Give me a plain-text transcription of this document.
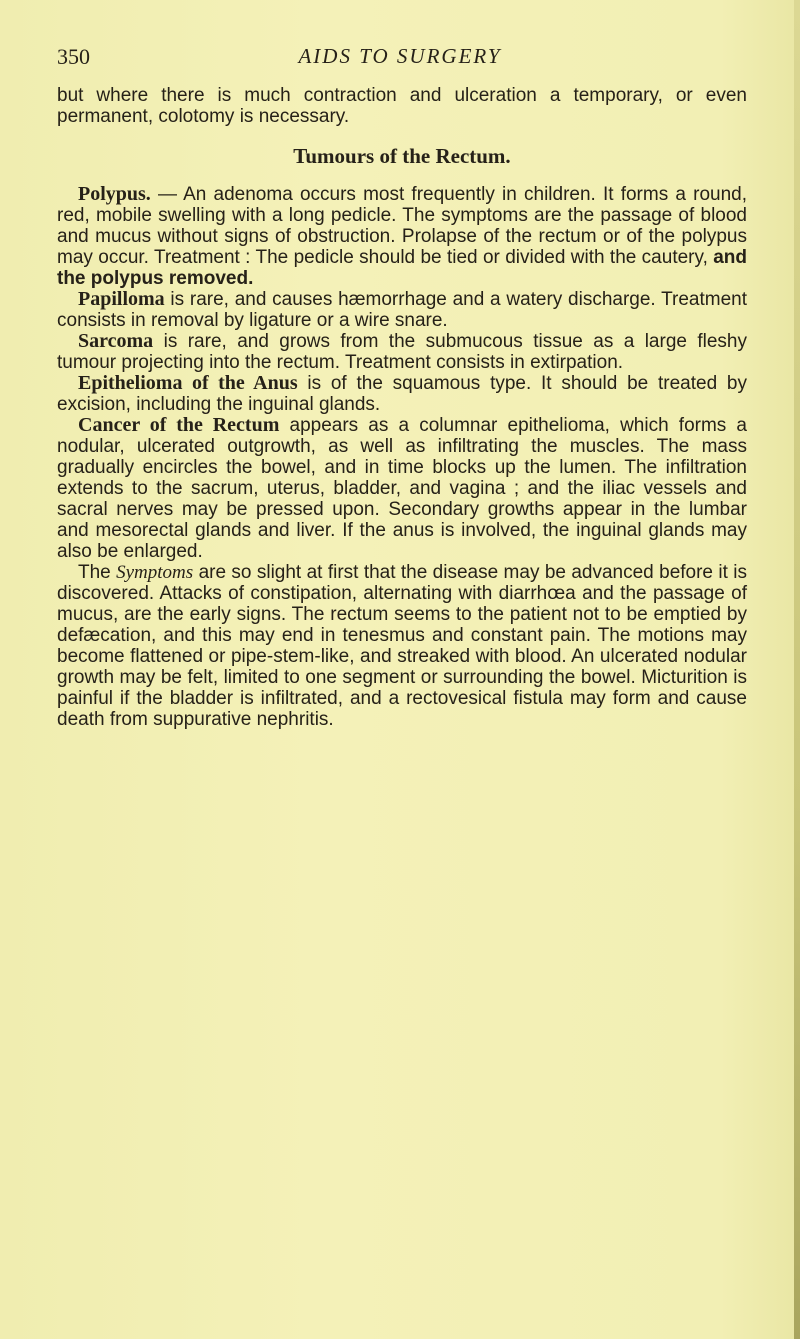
350	AIDS TO SURGERY

but where there is much contraction and ulceration a temporary, or even permanent, colotomy is necessary.

Tumours of the Rectum.

Polypus. — An adenoma occurs most frequently in children. It forms a round, red, mobile swelling with a long pedicle. The symptoms are the passage of blood and mucus without signs of obstruction. Prolapse of the rectum or of the polypus may occur. Treatment : The pedicle should be tied or divided with the cautery, and the polypus removed.

Papilloma is rare, and causes hæmorrhage and a watery discharge. Treatment consists in removal by ligature or a wire snare.

Sarcoma is rare, and grows from the submucous tissue as a large fleshy tumour projecting into the rectum. Treatment consists in extirpation.

Epithelioma of the Anus is of the squamous type. It should be treated by excision, including the inguinal glands.

Cancer of the Rectum appears as a columnar epithelioma, which forms a nodular, ulcerated outgrowth, as well as infiltrating the muscles. The mass gradually encircles the bowel, and in time blocks up the lumen. The infiltration extends to the sacrum, uterus, bladder, and vagina ; and the iliac vessels and sacral nerves may be pressed upon. Secondary growths appear in the lumbar and mesorectal glands and liver. If the anus is involved, the inguinal glands may also be enlarged.

The Symptoms are so slight at first that the disease may be advanced before it is discovered. Attacks of constipation, alternating with diarrhœa and the passage of mucus, are the early signs. The rectum seems to the patient not to be emptied by defæcation, and this may end in tenesmus and constant pain. The motions may become flattened or pipe-stem-like, and streaked with blood. An ulcerated nodular growth may be felt, limited to one segment or surrounding the bowel. Micturition is painful if the bladder is infiltrated, and a rectovesical fistula may form and cause death from suppurative nephritis.
